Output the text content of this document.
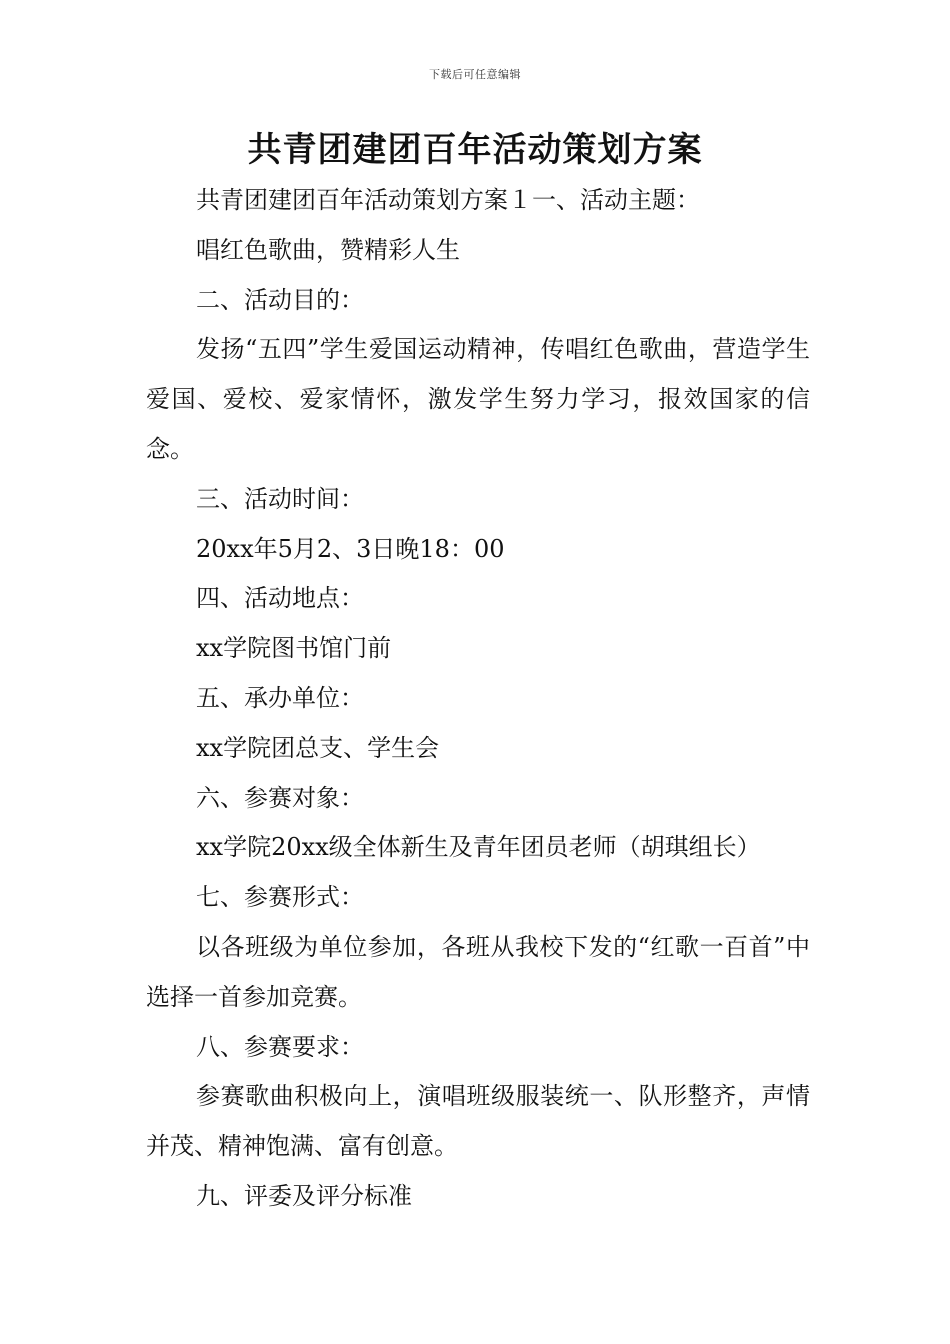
下载后可任意编辑
共青团建团百年活动策划方案

共青团建团百年活动策划方案１一、活动主题：

唱红色歌曲，赞精彩人生

二、活动目的：

发扬“五四”学生爱国运动精神，传唱红色歌曲，营造学生爱国、爱校、爱家情怀，激发学生努力学习，报效国家的信念。

三、活动时间：

20xx年5月2、3日晚18：00

四、活动地点：

xx学院图书馆门前

五、承办单位：

xx学院团总支、学生会

六、参赛对象：

xx学院20xx级全体新生及青年团员老师（胡琪组长）

七、参赛形式：

以各班级为单位参加，各班从我校下发的“红歌一百首”中选择一首参加竞赛。

八、参赛要求：

参赛歌曲积极向上，演唱班级服装统一、队形整齐，声情并茂、精神饱满、富有创意。

九、评委及评分标准
